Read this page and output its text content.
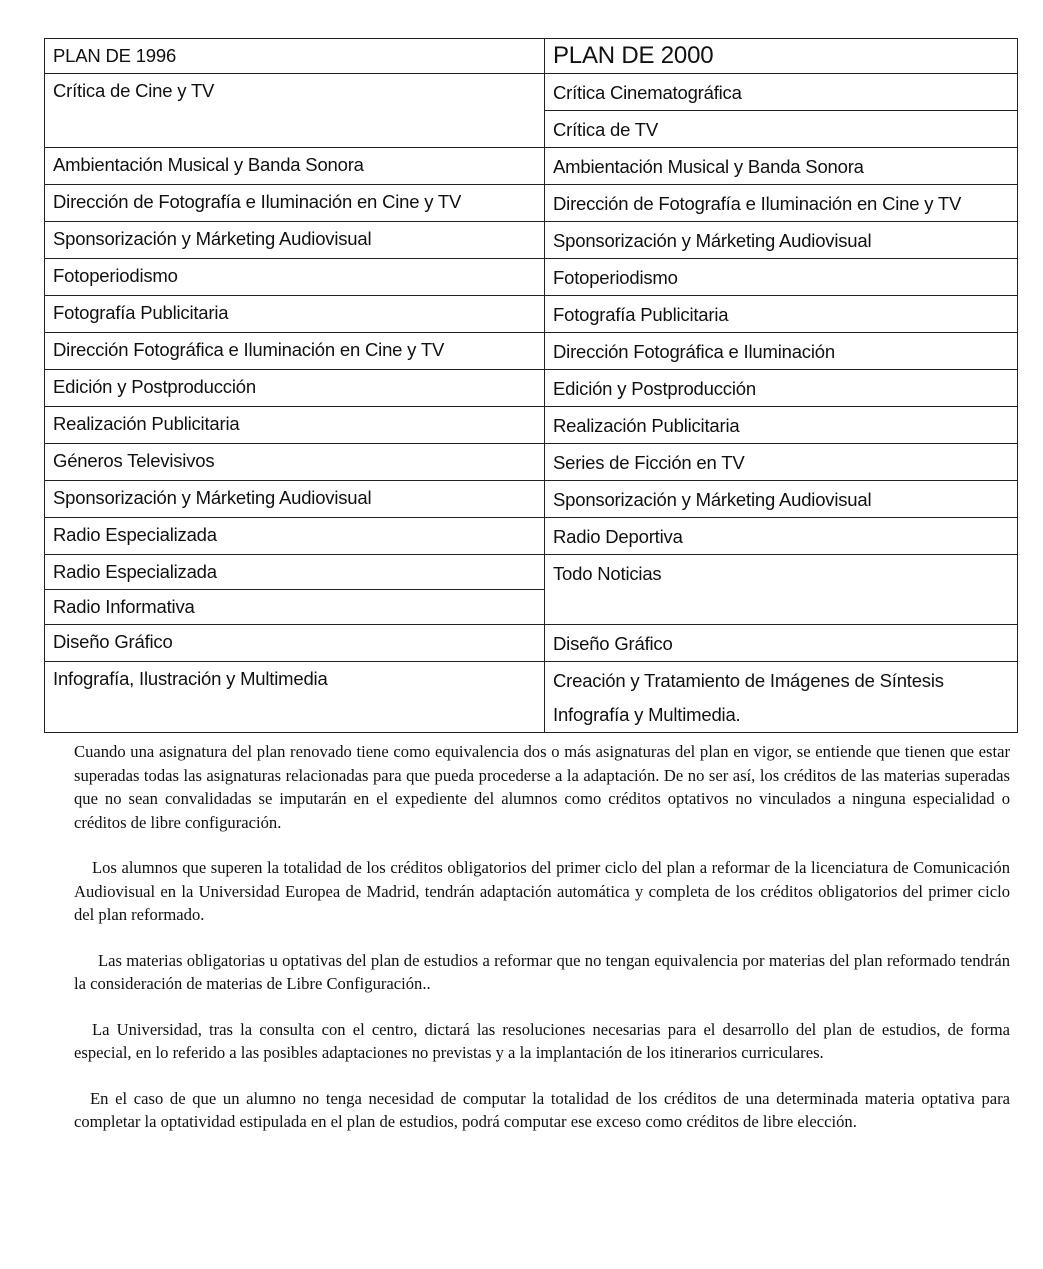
PLAN DE 1996	PLAN DE 2000
Crítica de Cine y TV	Crítica Cinematográfica
	Crítica de TV
Ambientación Musical y Banda Sonora	Ambientación Musical y Banda Sonora
Dirección de Fotografía e Iluminación en Cine y TV	Dirección de Fotografía e Iluminación en Cine y TV
Sponsorización y Márketing Audiovisual	Sponsorización y Márketing Audiovisual
Fotoperiodismo	Fotoperiodismo
Fotografía Publicitaria	Fotografía Publicitaria
Dirección Fotográfica e Iluminación en Cine y TV	Dirección Fotográfica e Iluminación
Edición y Postproducción	Edición y Postproducción
Realización Publicitaria	Realización Publicitaria
Géneros Televisivos	Series de Ficción en TV
Sponsorización y Márketing Audiovisual	Sponsorización y Márketing Audiovisual
Radio Especializada	Radio Deportiva
Radio Especializada	Todo Noticias
Radio Informativa	
Diseño Gráfico	Diseño Gráfico
Infografía, Ilustración y Multimedia	Creación y Tratamiento de Imágenes de Síntesis
Infografía y Multimedia.

Cuando una asignatura del plan renovado tiene como equivalencia dos o más asignaturas del plan en vigor, se entiende que tienen que estar superadas todas las asignaturas relacionadas para que pueda procederse a la adaptación. De no ser así, los créditos de las materias superadas que no sean convalidadas se imputarán en el expediente del alumnos como créditos optativos no vinculados a ninguna especialidad o créditos de libre configuración.

Los alumnos que superen la totalidad de los créditos obligatorios del primer ciclo del plan a reformar de la licenciatura de Comunicación Audiovisual en la Universidad Europea de Madrid, tendrán adaptación automática y completa de los créditos obligatorios del primer ciclo del plan reformado.

Las materias obligatorias u optativas del plan de estudios a reformar que no tengan equivalencia por materias del plan reformado tendrán la consideración de materias de Libre Configuración..

La Universidad, tras la consulta con el centro, dictará las resoluciones necesarias para el desarrollo del plan de estudios, de forma especial, en lo referido a las posibles adaptaciones no previstas y a la implantación de los itinerarios curriculares.

En el caso de que un alumno no tenga necesidad de computar la totalidad de los créditos de una determinada materia optativa para completar la optatividad estipulada en el plan de estudios, podrá computar ese exceso como créditos de libre elección.
